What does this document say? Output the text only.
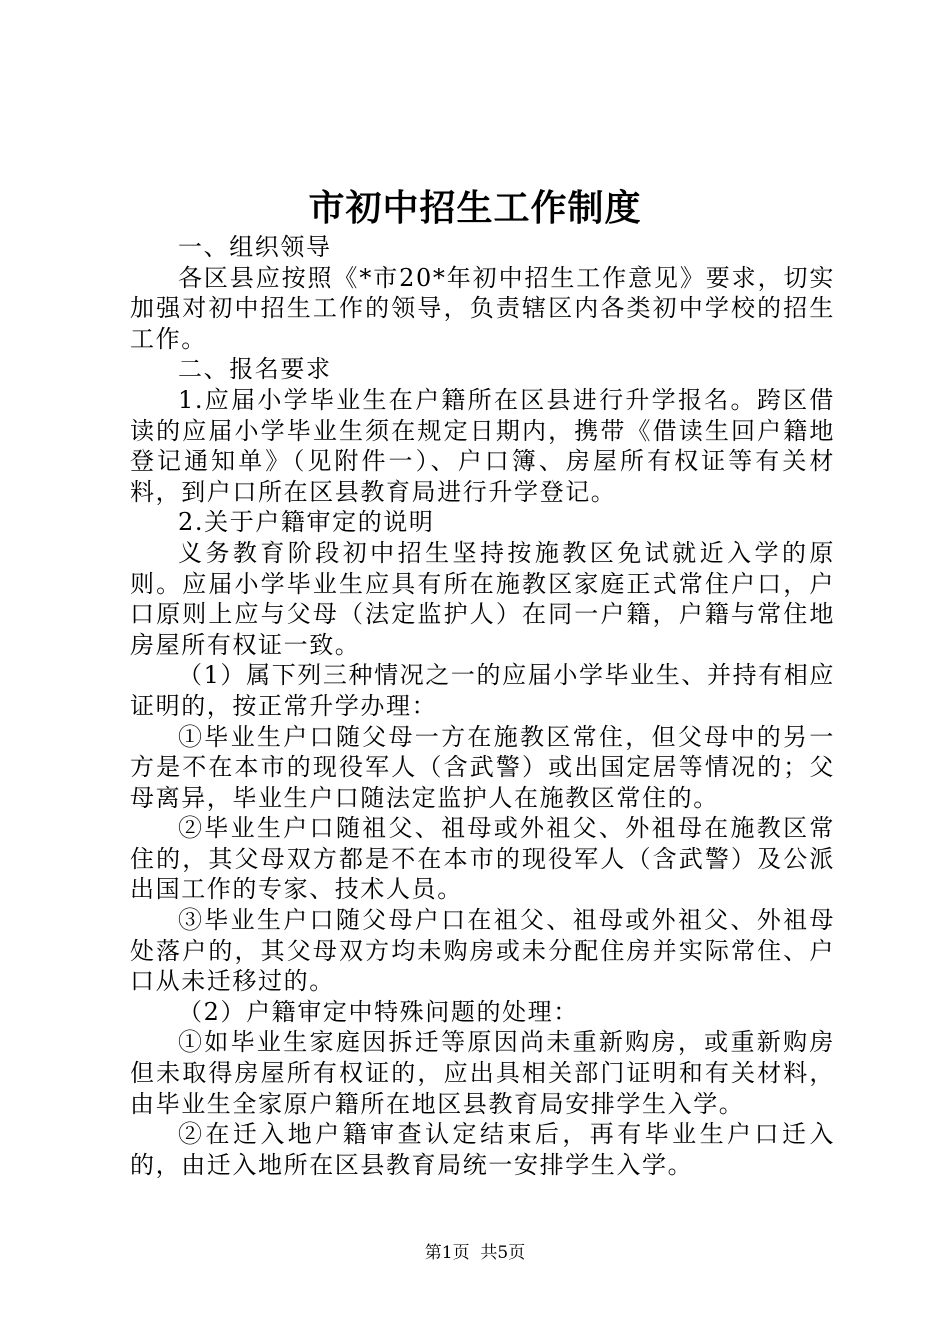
市初中招生工作制度

一、组织领导

各区县应按照《*市20*年初中招生工作意见》要求，切实加强对初中招生工作的领导，负责辖区内各类初中学校的招生工作。

二、报名要求

1.应届小学毕业生在户籍所在区县进行升学报名。跨区借读的应届小学毕业生须在规定日期内，携带《借读生回户籍地登记通知单》（见附件一）、户口簿、房屋所有权证等有关材料，到户口所在区县教育局进行升学登记。

2.关于户籍审定的说明

义务教育阶段初中招生坚持按施教区免试就近入学的原则。应届小学毕业生应具有所在施教区家庭正式常住户口，户口原则上应与父母（法定监护人）在同一户籍，户籍与常住地房屋所有权证一致。

（1）属下列三种情况之一的应届小学毕业生、并持有相应证明的，按正常升学办理：

①毕业生户口随父母一方在施教区常住，但父母中的另一方是不在本市的现役军人（含武警）或出国定居等情况的；父母离异，毕业生户口随法定监护人在施教区常住的。

②毕业生户口随祖父、祖母或外祖父、外祖母在施教区常住的，其父母双方都是不在本市的现役军人（含武警）及公派出国工作的专家、技术人员。

③毕业生户口随父母户口在祖父、祖母或外祖父、外祖母处落户的，其父母双方均未购房或未分配住房并实际常住、户口从未迁移过的。

（2）户籍审定中特殊问题的处理：

①如毕业生家庭因拆迁等原因尚未重新购房，或重新购房但未取得房屋所有权证的，应出具相关部门证明和有关材料，由毕业生全家原户籍所在地区县教育局安排学生入学。

②在迁入地户籍审查认定结束后，再有毕业生户口迁入的，由迁入地所在区县教育局统一安排学生入学。

第1页  共5页
